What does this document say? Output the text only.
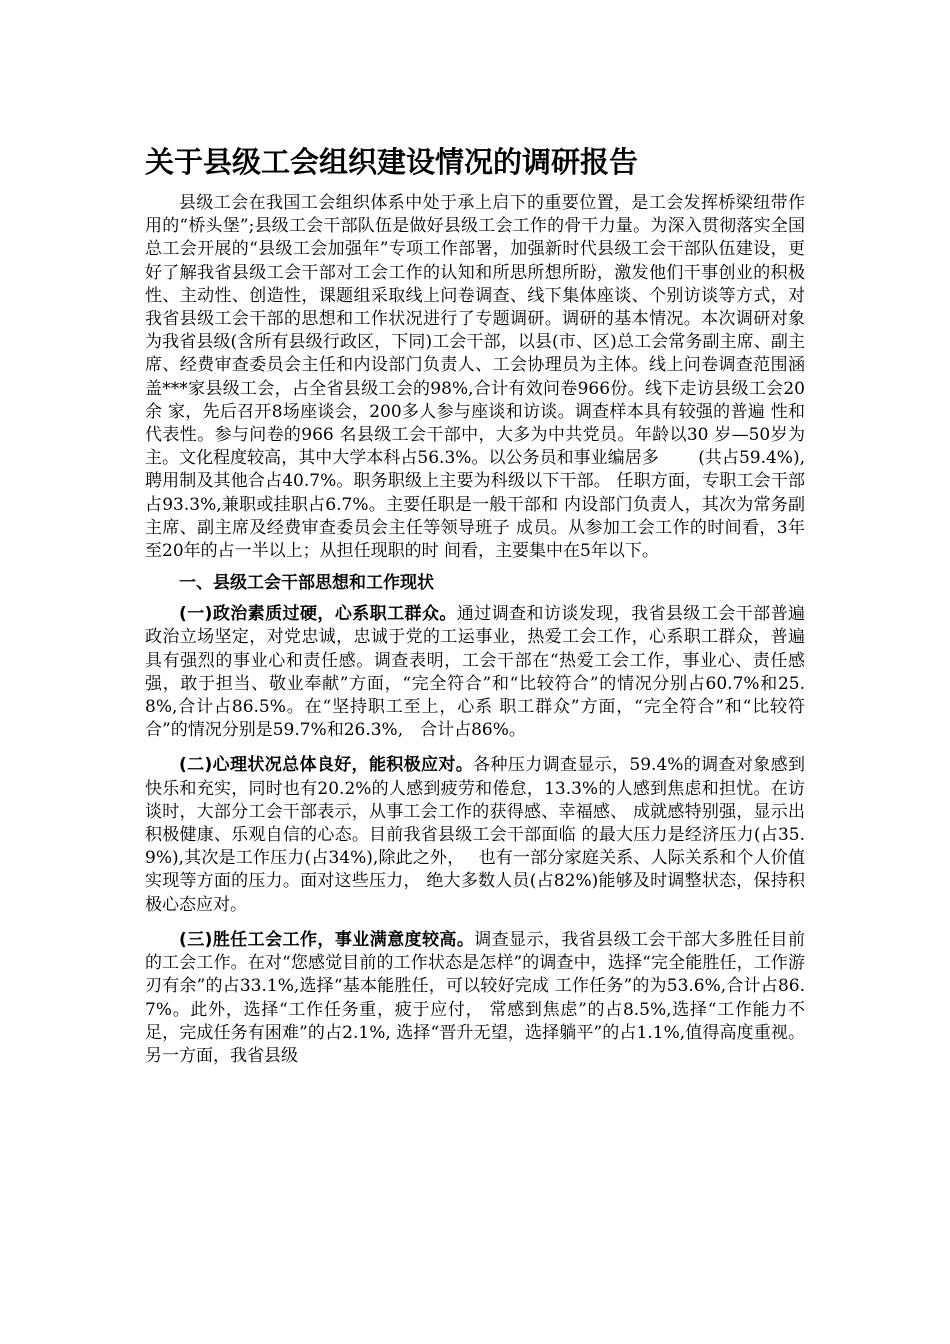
关于县级工会组织建设情况的调研报告

县级工会在我国工会组织体系中处于承上启下的重要位置，是工会发挥桥梁纽带作用的“桥头堡”;县级工会干部队伍是做好县级工会工作的骨干力量。为深入贯彻落实全国总工会开展的“县级工会加强年”专项工作部署，加强新时代县级工会干部队伍建设，更好了解我省县级工会干部对工会工作的认知和所思所想所盼，激发他们干事创业的积极性、主动性、创造性，课题组采取线上问卷调查、线下集体座谈、个别访谈等方式，对我省县级工会干部的思想和工作状况进行了专题调研。调研的基本情况。本次调研对象为我省县级(含所有县级行政区，下同)工会干部，以县(市、区)总工会常务副主席、副主席、经费审查委员会主任和内设部门负责人、工会协理员为主体。线上问卷调查范围涵盖***家县级工会，占全省县级工会的98%,合计有效问卷966份。线下走访县级工会20余 家，先后召开8场座谈会，200多人参与座谈和访谈。调查样本具有较强的普遍 性和代表性。参与问卷的966 名县级工会干部中，大多为中共党员。年龄以30 岁—50岁为主。文化程度较高，其中大学本科占56.3%。以公务员和事业编居多　　 (共占59.4%),聘用制及其他合占40.7%。职务职级上主要为科级以下干部。 任职方面，专职工会干部占93.3%,兼职或挂职占6.7%。主要任职是一般干部和 内设部门负责人，其次为常务副主席、副主席及经费审查委员会主任等领导班子 成员。从参加工会工作的时间看，3年至20年的占一半以上；从担任现职的时 间看，主要集中在5年以下。

一、县级工会干部思想和工作现状

(一)政治素质过硬，心系职工群众。通过调查和访谈发现，我省县级工会干部普遍政治立场坚定，对党忠诚，忠诚于党的工运事业，热爱工会工作，心系职工群众，普遍具有强烈的事业心和责任感。调查表明，工会干部在“热爱工会工作，事业心、责任感强，敢于担当、敬业奉献”方面，“完全符合”和“比较符合”的情况分别占60.7%和25.8%,合计占86.5%。在“坚持职工至上，心系 职工群众”方面，“完全符合”和“比较符合”的情况分别是59.7%和26.3%,　合计占86%。

(二)心理状况总体良好，能积极应对。各种压力调查显示，59.4%的调查对象感到快乐和充实，同时也有20.2%的人感到疲劳和倦怠，13.3%的人感到焦虑和担忧。在访谈时，大部分工会干部表示，从事工会工作的获得感、幸福感、 成就感特别强，显示出积极健康、乐观自信的心态。目前我省县级工会干部面临 的最大压力是经济压力(占35.9%),其次是工作压力(占34%),除此之外，　 也有一部分家庭关系、人际关系和个人价值实现等方面的压力。面对这些压力， 绝大多数人员(占82%)能够及时调整状态，保持积极心态应对。

(三)胜任工会工作，事业满意度较高。调查显示，我省县级工会干部大多胜任目前的工会工作。在对“您感觉目前的工作状态是怎样”的调查中，选择“完全能胜任，工作游刃有余”的占33.1%,选择“基本能胜任，可以较好完成 工作任务”的为53.6%,合计占86.7%。此外，选择“工作任务重，疲于应付， 常感到焦虑”的占8.5%,选择“工作能力不足，完成任务有困难”的占2.1%, 选择“晋升无望，选择躺平”的占1.1%,值得高度重视。另一方面，我省县级
